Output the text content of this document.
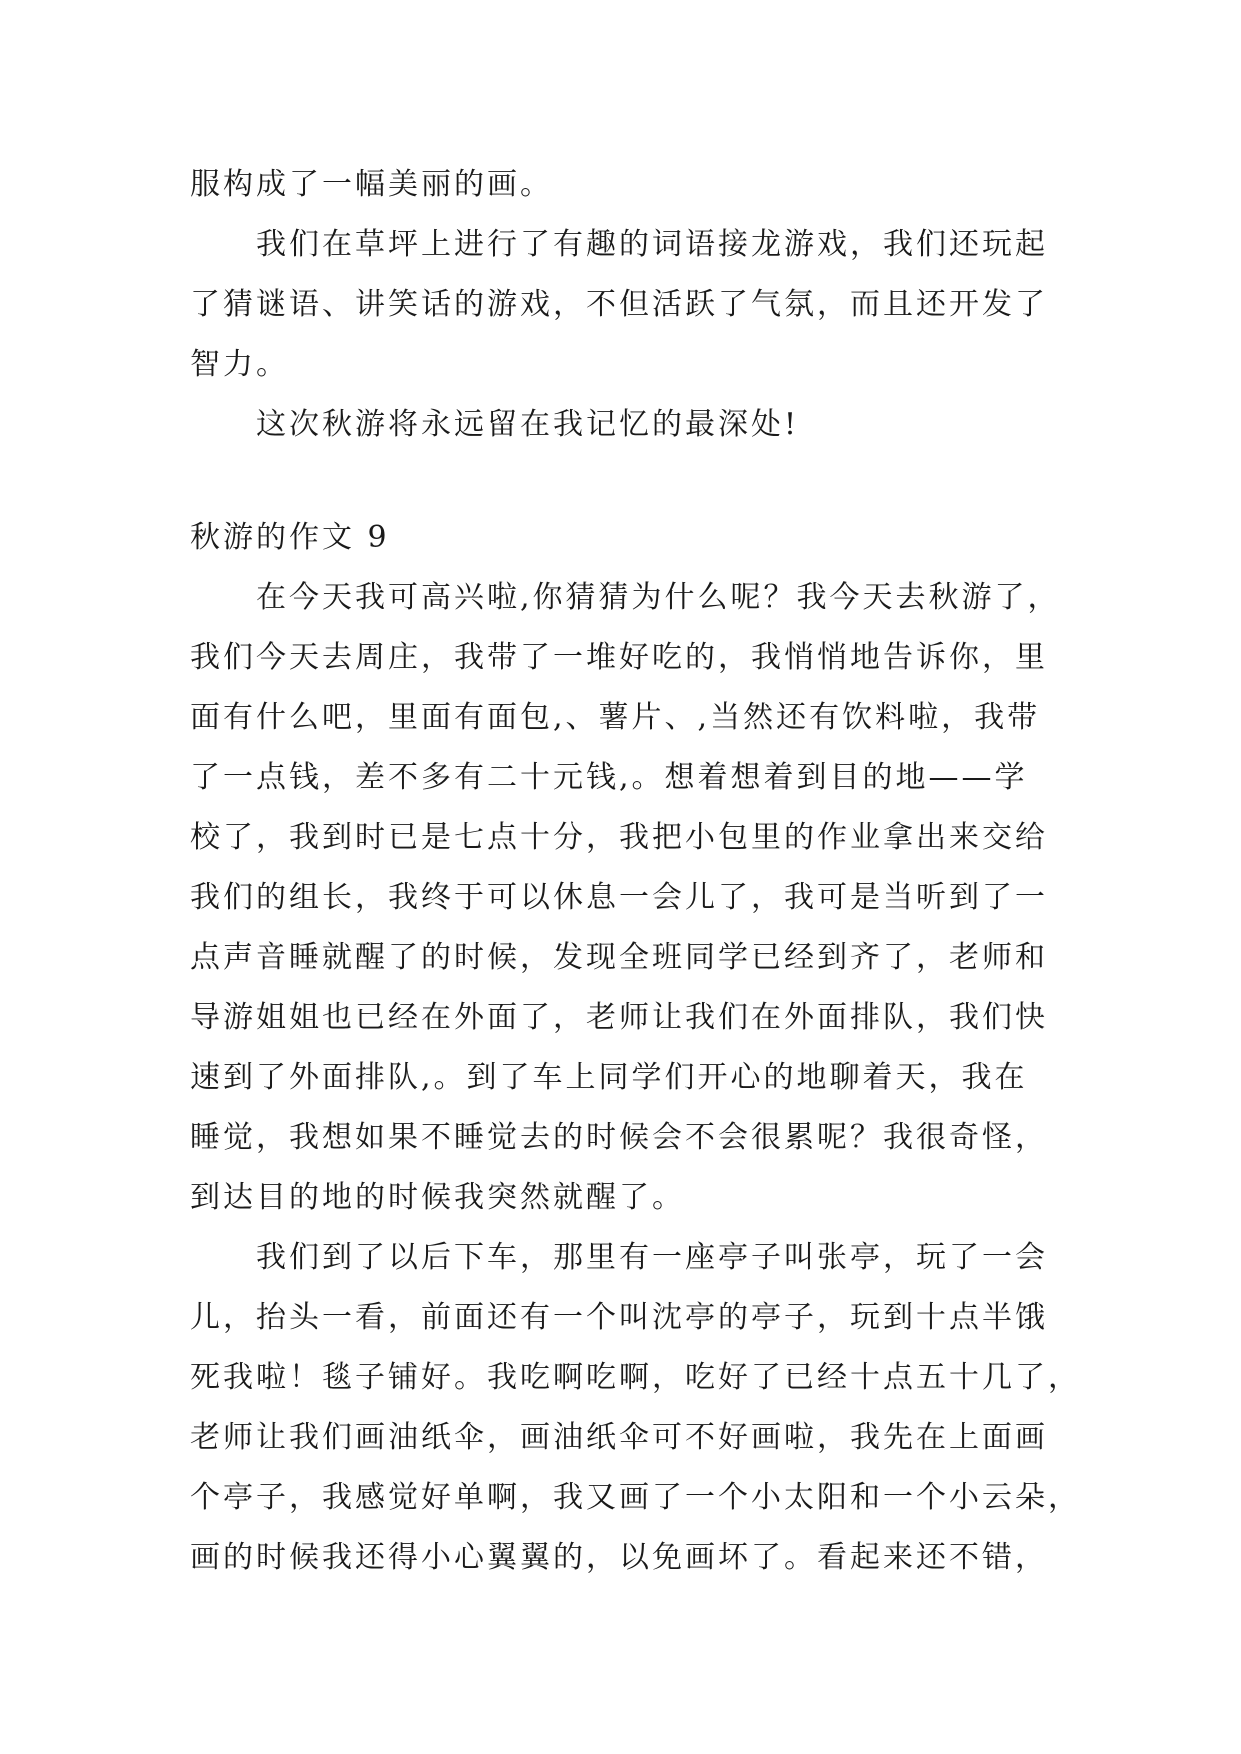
服构成了一幅美丽的画。
我们在草坪上进行了有趣的词语接龙游戏，我们还玩起
了猜谜语、讲笑话的游戏，不但活跃了气氛，而且还开发了
智力。
这次秋游将永远留在我记忆的最深处!
秋游的作文 9
在今天我可高兴啦,你猜猜为什么呢？我今天去秋游了，
我们今天去周庄，我带了一堆好吃的，我悄悄地告诉你，里
面有什么吧，里面有面包,、薯片、,当然还有饮料啦，我带
了一点钱，差不多有二十元钱,。想着想着到目的地——学
校了，我到时已是七点十分，我把小包里的作业拿出来交给
我们的组长，我终于可以休息一会儿了，我可是当听到了一
点声音睡就醒了的时候，发现全班同学已经到齐了，老师和
导游姐姐也已经在外面了，老师让我们在外面排队，我们快
速到了外面排队,。到了车上同学们开心的地聊着天，我在
睡觉，我想如果不睡觉去的时候会不会很累呢？我很奇怪，
到达目的地的时候我突然就醒了。
我们到了以后下车，那里有一座亭子叫张亭，玩了一会
儿，抬头一看，前面还有一个叫沈亭的亭子，玩到十点半饿
死我啦！毯子铺好。我吃啊吃啊，吃好了已经十点五十几了，
老师让我们画油纸伞，画油纸伞可不好画啦，我先在上面画
个亭子，我感觉好单啊，我又画了一个小太阳和一个小云朵，
画的时候我还得小心翼翼的，以免画坏了。看起来还不错，
